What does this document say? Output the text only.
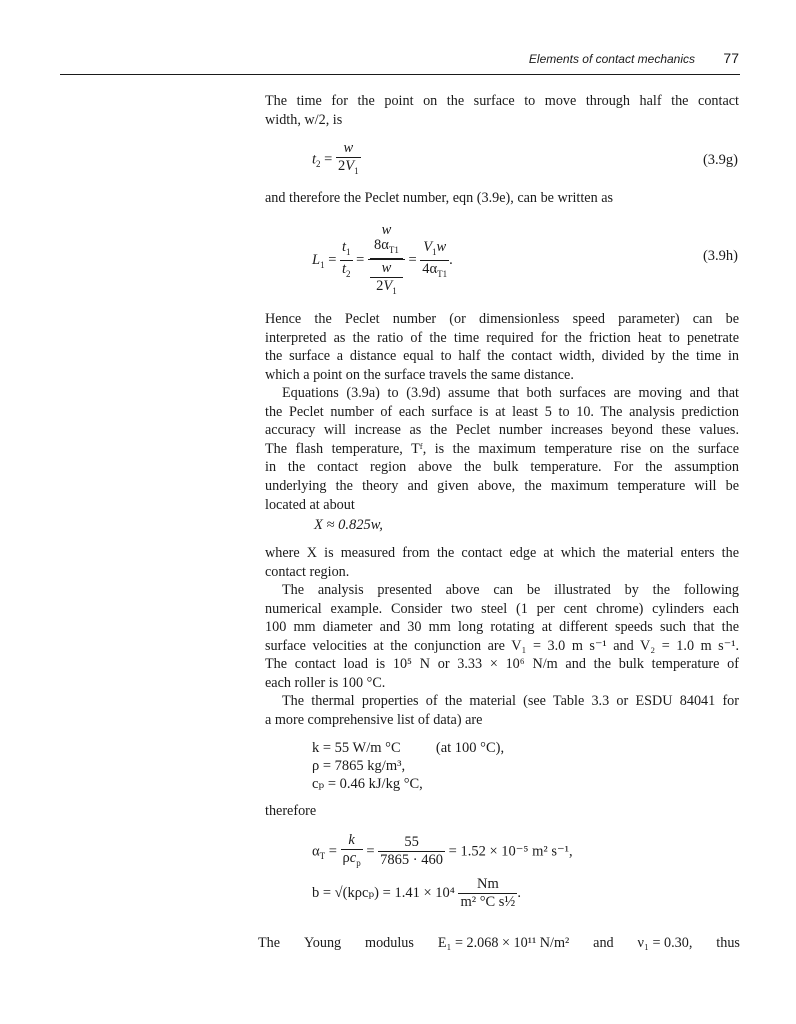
Elements of contact mechanics 77

The time for the point on the surface to move through half the contact
width, w/2, is

$t_2 = \frac{w}{2V_1}$	(3.9g)

and therefore the Peclet number, eqn (3.9e), can be written as

$L_1 = \frac{t_1}{t_2} = w$
$8\alpha_{T1}$
w
$2V_1 = \frac{V_1w}{4\alpha_{T1}}$ .	(3.9h)

Hence the Peclet number (or dimensionless speed parameter) can be
interpreted as the ratio of the time required for the friction heat to penetrate
the surface a distance equal to half the contact width, divided by the time in
which a point on the surface travels the same distance.

Equations (3.9a) to (3.9d) assume that both surfaces are moving and that
the Peclet number of each surface is at least 5 to 10. The analysis prediction
accuracy will increase as the Peclet number increases beyond these values.
The flash temperature, Tᶠ, is the maximum temperature rise on the surface
in the contact region above the bulk temperature. For the assumption
underlying the theory and given above, the maximum temperature will be
located at about

X ≈ 0.825w,

where X is measured from the contact edge at which the material enters the
contact region.

The analysis presented above can be illustrated by the following
numerical example. Consider two steel (1 per cent chrome) cylinders each
100 mm diameter and 30 mm long rotating at different speeds such that the
surface velocities at the conjunction are V₁ = 3.0 m s⁻¹ and V₂ = 1.0 m s⁻¹.
The contact load is 10⁵ N or 3.33 × 10⁶ N/m and the bulk temperature of
each roller is 100 °C.

The thermal properties of the material (see Table 3.3 or ESDU 84041 for
a more comprehensive list of data) are

k = 55 W/m °C (at 100 °C),
ρ = 7865 kg/m³,
cₚ = 0.46 kJ/kg °C,

therefore

$\alpha_T = \frac{k}{\rho c_p} = \frac{55}{7865 \cdot 460} = 1.52 \times 10^{-5}$ m² s⁻¹,
$b = √(k\rho c_p) = 1.41 \times 10^4 \frac{Nm}{\text{m² °C s½}}$ .
The Young modulus E₁ = 2.068 × 10¹¹ N/m² and ν₁ = 0.30, thus
